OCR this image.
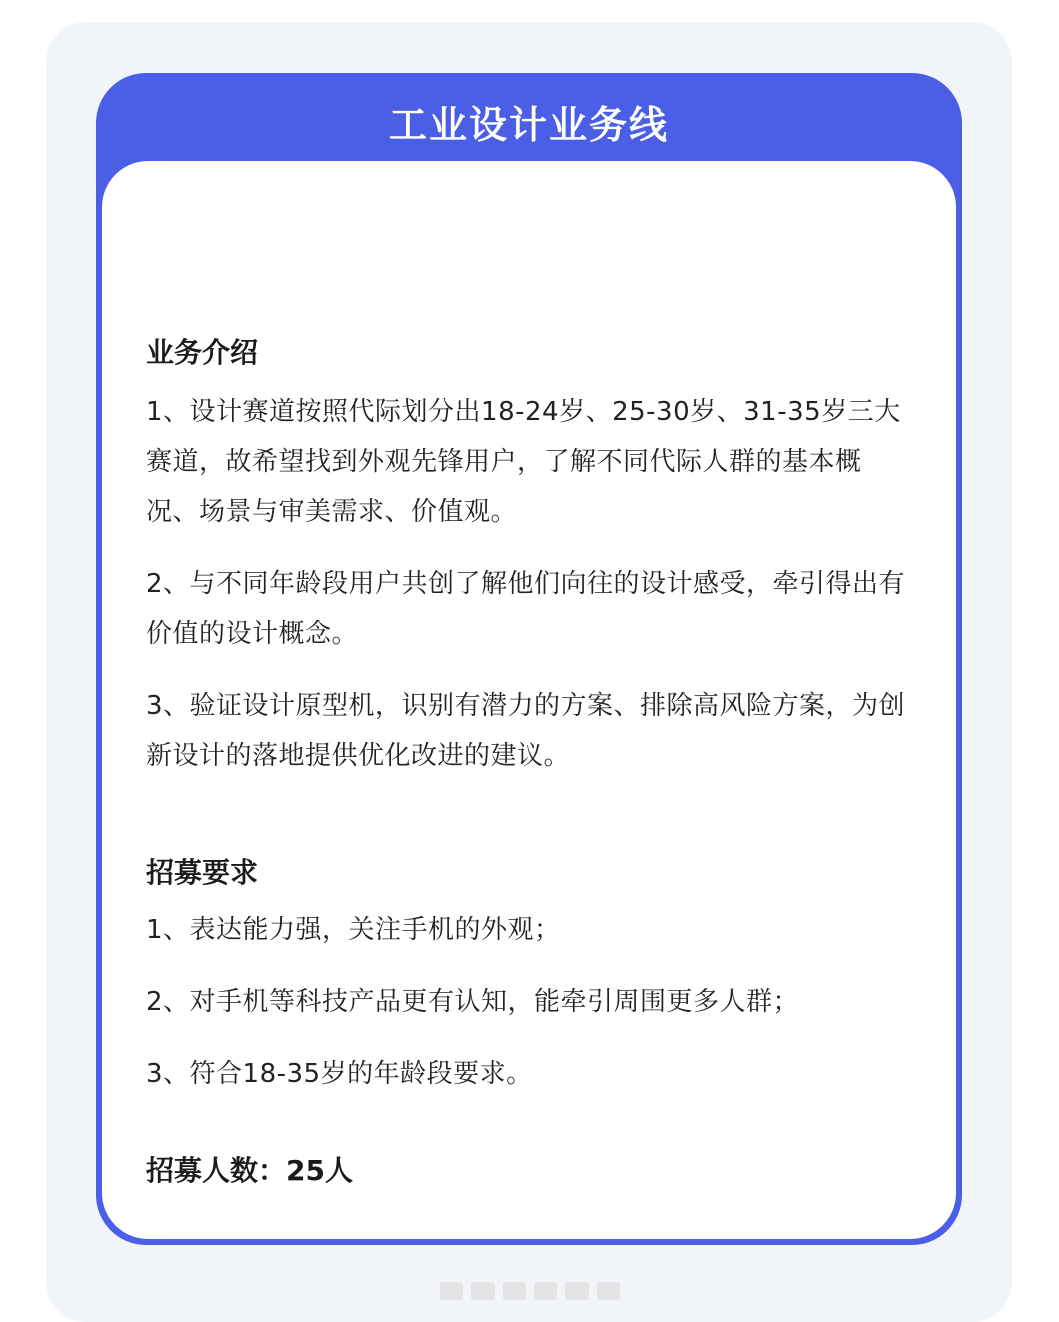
工业设计业务线
业务介绍

1、设计赛道按照代际划分出18-24岁、25-30岁、31-35岁三大赛道，故希望找到外观先锋用户，了解不同代际人群的基本概况、场景与审美需求、价值观。

2、与不同年龄段用户共创了解他们向往的设计感受，牵引得出有价值的设计概念。

3、验证设计原型机，识别有潜力的方案、排除高风险方案，为创新设计的落地提供优化改进的建议。

招募要求

1、表达能力强，关注手机的外观；

2、对手机等科技产品更有认知，能牵引周围更多人群；

3、符合18-35岁的年龄段要求。

招募人数：25人
